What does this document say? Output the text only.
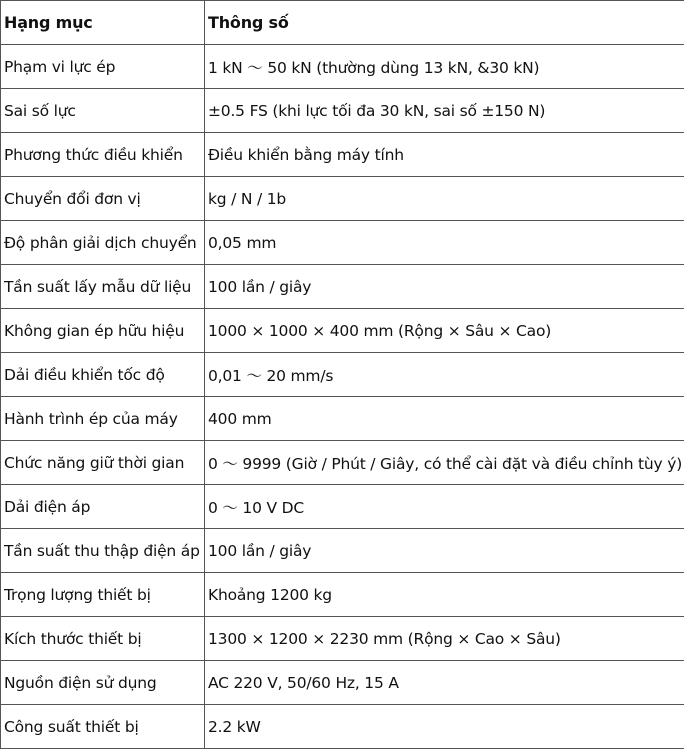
Hạng mục	Thông số
Phạm vi lực ép	1 kN ～ 50 kN (thường dùng 13 kN, &30 kN)
Sai số lực	±0.5 FS (khi lực tối đa 30 kN, sai số ±150 N)
Phương thức điều khiển	Điều khiển bằng máy tính
Chuyển đổi đơn vị	kg / N / 1b
Độ phân giải dịch chuyển	0,05 mm
Tần suất lấy mẫu dữ liệu	100 lần / giây
Không gian ép hữu hiệu	1000 × 1000 × 400 mm (Rộng × Sâu × Cao)
Dải điều khiển tốc độ	0,01 ～ 20 mm/s
Hành trình ép của máy	400 mm
Chức năng giữ thời gian	0 ～ 9999 (Giờ / Phút / Giây, có thể cài đặt và điều chỉnh tùy ý)
Dải điện áp	0 ～ 10 V DC
Tần suất thu thập điện áp	100 lần / giây
Trọng lượng thiết bị	Khoảng 1200 kg
Kích thước thiết bị	1300 × 1200 × 2230 mm (Rộng × Cao × Sâu)
Nguồn điện sử dụng	AC 220 V, 50/60 Hz, 15 A
Công suất thiết bị	2.2 kW
